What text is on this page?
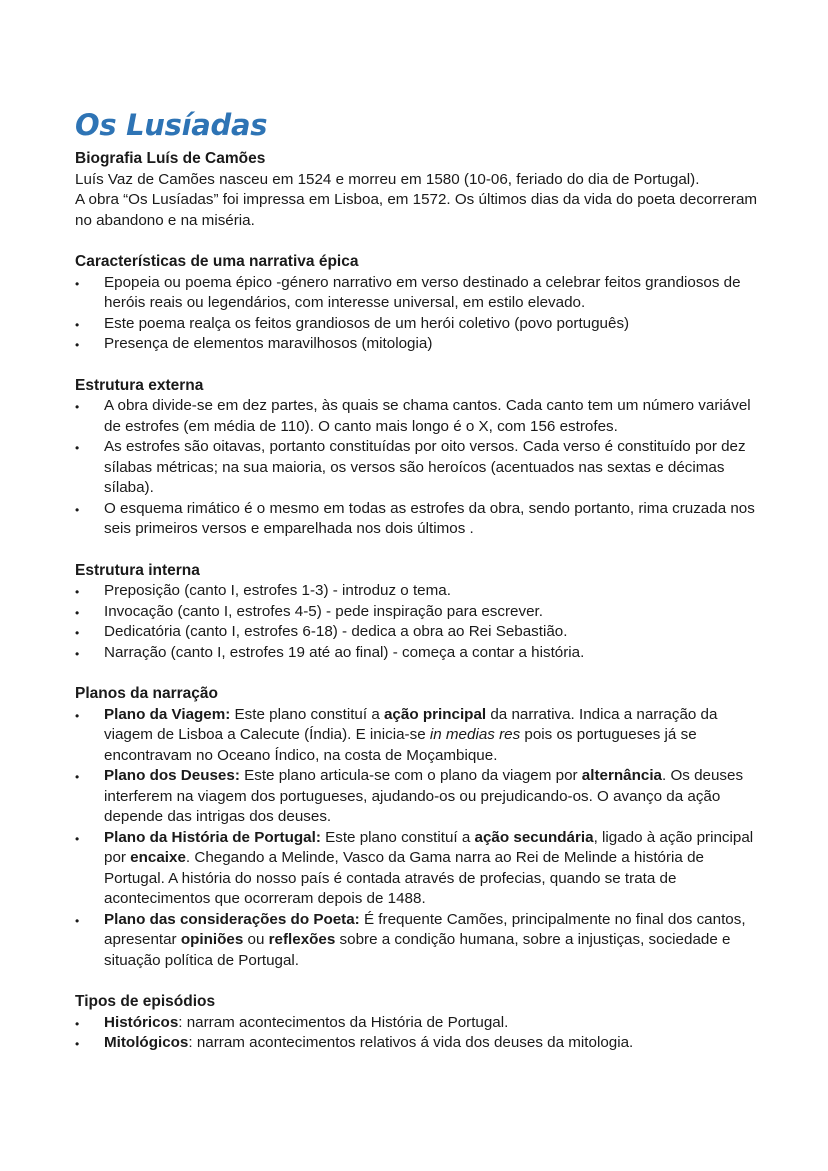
Os Lusíadas

Biografia Luís de Camões

Luís Vaz de Camões nasceu em 1524 e morreu em 1580 (10-06, feriado do dia de Portugal).

A obra “Os Lusíadas” foi impressa em Lisboa, em 1572. Os últimos dias da vida do poeta decorreram no abandono e na miséria.

Características de uma narrativa épica

•	Epopeia ou poema épico -género narrativo em verso destinado a celebrar feitos grandiosos de heróis reais ou legendários, com interesse universal, em estilo elevado.
•	Este poema realça os feitos grandiosos de um herói coletivo (povo português)
•	Presença de elementos maravilhosos (mitologia)

Estrutura externa

•	A obra divide-se em dez partes, às quais se chama cantos. Cada canto tem um número variável de estrofes (em média de 110). O canto mais longo é o X, com 156 estrofes.
•	As estrofes são oitavas, portanto constituídas por oito versos. Cada verso é constituído por dez sílabas métricas; na sua maioria, os versos são heroícos (acentuados nas sextas e décimas sílaba).
•	O esquema rimático é o mesmo em todas as estrofes da obra, sendo portanto, rima cruzada nos seis primeiros versos e emparelhada nos dois últimos .

Estrutura interna

•	Preposição (canto I, estrofes 1-3) - introduz o tema.
•	Invocação (canto I, estrofes 4-5) - pede inspiração para escrever.
•	Dedicatória (canto I, estrofes 6-18) - dedica a obra ao Rei Sebastião.
•	Narração (canto I, estrofes 19 até ao final) - começa a contar a história.

Planos da narração

•	Plano da Viagem: Este plano constituí a ação principal da narrativa. Indica a narração da viagem de Lisboa a Calecute (Índia). E inicia-se in medias res pois os portugueses já se encontravam no Oceano Índico, na costa de Moçambique.
•	Plano dos Deuses: Este plano articula-se com o plano da viagem por alternância. Os deuses interferem na viagem dos portugueses, ajudando-os ou prejudicando-os. O avanço da ação depende das intrigas dos deuses.
•	Plano da História de Portugal: Este plano constituí a ação secundária, ligado à ação principal por encaixe. Chegando a Melinde, Vasco da Gama narra ao Rei de Melinde a história de Portugal. A história do nosso país é contada através de profecias, quando se trata de acontecimentos que ocorreram depois de 1488.
•	Plano das considerações do Poeta: É frequente Camões, principalmente no final dos cantos, apresentar opiniões ou reflexões sobre a condição humana, sobre a injustiças, sociedade e situação política de Portugal.

Tipos de episódios

•	Históricos: narram acontecimentos da História de Portugal.
•	Mitológicos: narram acontecimentos relativos á vida dos deuses da mitologia.
